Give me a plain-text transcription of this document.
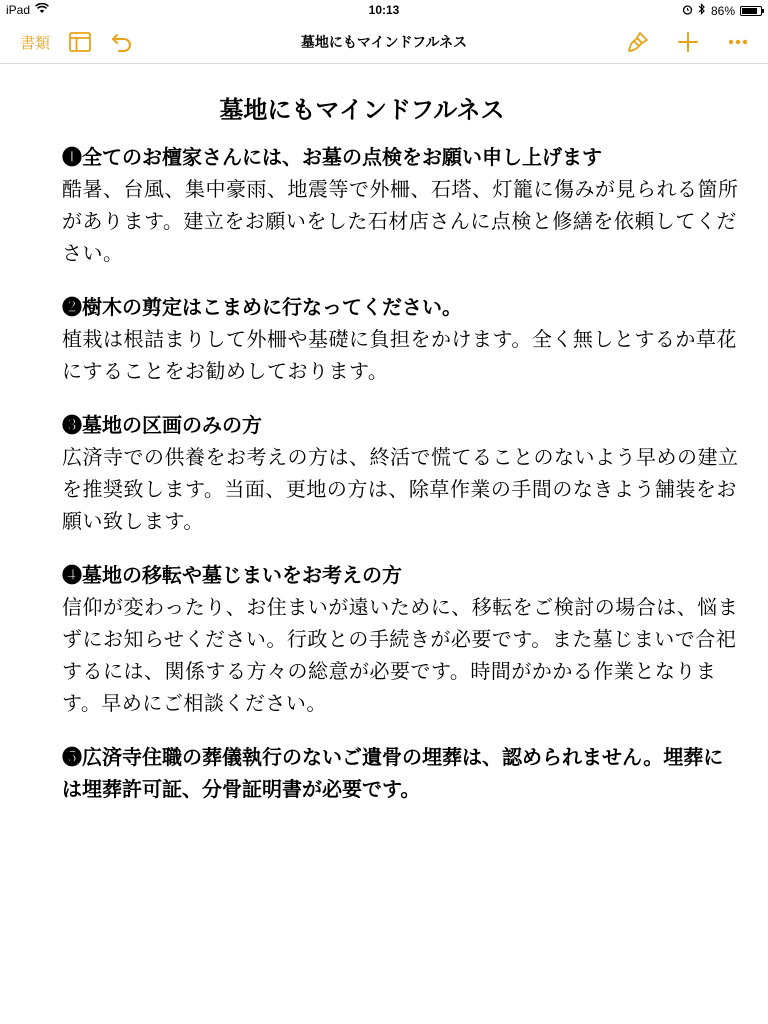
iPad	10:13	86%
書類	墓地にもマインドフルネス
墓地にもマインドフルネス

❶全てのお檀家さんには、お墓の点検をお願い申し上げます

酷暑、台風、集中豪雨、地震等で外柵、石塔、灯籠に傷みが見られる箇所があります。建立をお願いをした石材店さんに点検と修繕を依頼してください。

❷樹木の剪定はこまめに行なってください。

植栽は根詰まりして外柵や基礎に負担をかけます。全く無しとするか草花にすることをお勧めしております。

❸墓地の区画のみの方

広済寺での供養をお考えの方は、終活で慌てることのないよう早めの建立を推奨致します。当面、更地の方は、除草作業の手間のなきよう舗装をお願い致します。

❹墓地の移転や墓じまいをお考えの方

信仰が変わったり、お住まいが遠いために、移転をご検討の場合は、悩まずにお知らせください。行政との手続きが必要です。また墓じまいで合祀するには、関係する方々の総意が必要です。時間がかかる作業となります。早めにご相談ください。

❺広済寺住職の葬儀執行のないご遺骨の埋葬は、認められません。埋葬には埋葬許可証、分骨証明書が必要です。
